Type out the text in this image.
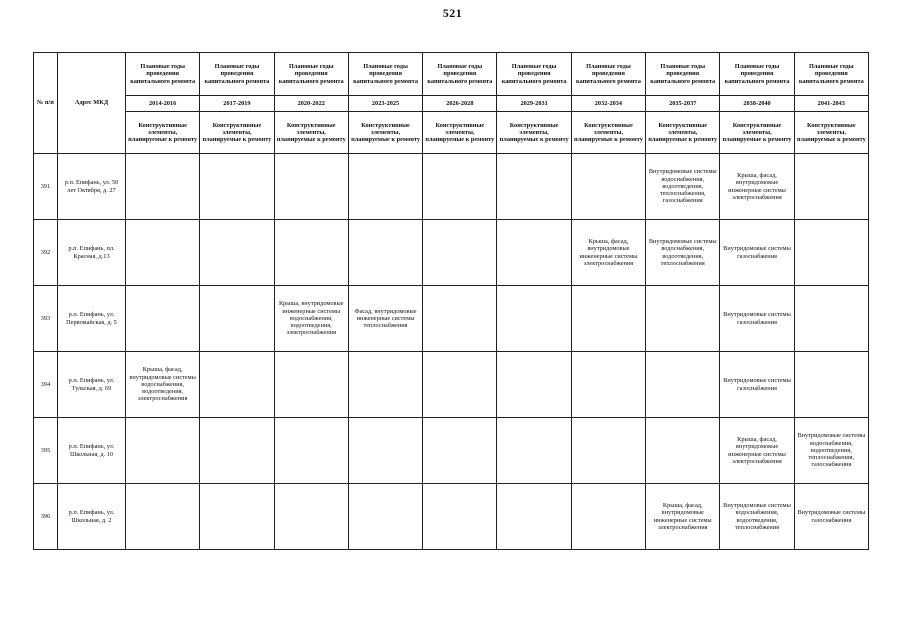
521
№ п/п	Адрес МКД	Плановые годы проведения капитального ремонта	Плановые годы проведения капитального ремонта	Плановые годы проведения капитального ремонта	Плановые годы проведения капитального ремонта	Плановые годы проведения капитального ремонта	Плановые годы проведения капитального ремонта	Плановые годы проведения капитального ремонта	Плановые годы проведения капитального ремонта	Плановые годы проведения капитального ремонта	Плановые годы проведения капитального ремонта
		2014-2016	2017-2019	2020-2022	2023-2025	2026-2028	2029-2031	2032-2034	2035-2037	2038-2040	2041-2043
		Конструктивные элементы, планируемые к ремонту	Конструктивные элементы, планируемые к ремонту	Конструктивные элементы, планируемые к ремонту	Конструктивные элементы, планируемые к ремонту	Конструктивные элементы, планируемые к ремонту	Конструктивные элементы, планируемые к ремонту	Конструктивные элементы, планируемые к ремонту	Конструктивные элементы, планируемые к ремонту	Конструктивные элементы, планируемые к ремонту	Конструктивные элементы, планируемые к ремонту
391	р.п. Епифань, ул. 50 лет Октября, д. 27								Внутридомовые системы водоснабжения, водоотведения, теплоснабжения, газоснабжения	Крыша, фасад, внутридомовые инженерные системы электроснабжения	
392	р.п. Епифань, пл. Красная, д.13							Крыша, фасад, внутридомовые инженерные системы электроснабжения	Внутридомовые системы водоснабжения, водоотведения, теплоснабжения	Внутридомовые системы газоснабжения	
393	р.п. Епифань, ул. Первомайская, д. 5			Крыша, внутридомовые инженерные системы водоснабжения, водоотведения, электроснабжения	Фасад, внутридомовые инженерные системы теплоснабжения					Внутридомовые системы газоснабжения	
394	р.п. Епифань, ул. Тульская, д. 69	Крыша, фасад, внутридомовые системы водоснабжения, водоотведения, электроснабжения								Внутридомовые системы газоснабжения	
395	р.п. Епифань, ул. Школьная, д. 10									Крыша, фасад, внутридомовые инженерные системы электроснабжения	Внутридомовые системы водоснабжения, водоотведения, теплоснабжения, газоснабжения
396	р.п. Епифань, ул. Школьная, д. 2								Крыша, фасад, внутридомовые инженерные системы электроснабжения	Внутридомовые системы водоснабжения, водоотведения, теплоснабжения	Внутридомовые системы газоснабжения
